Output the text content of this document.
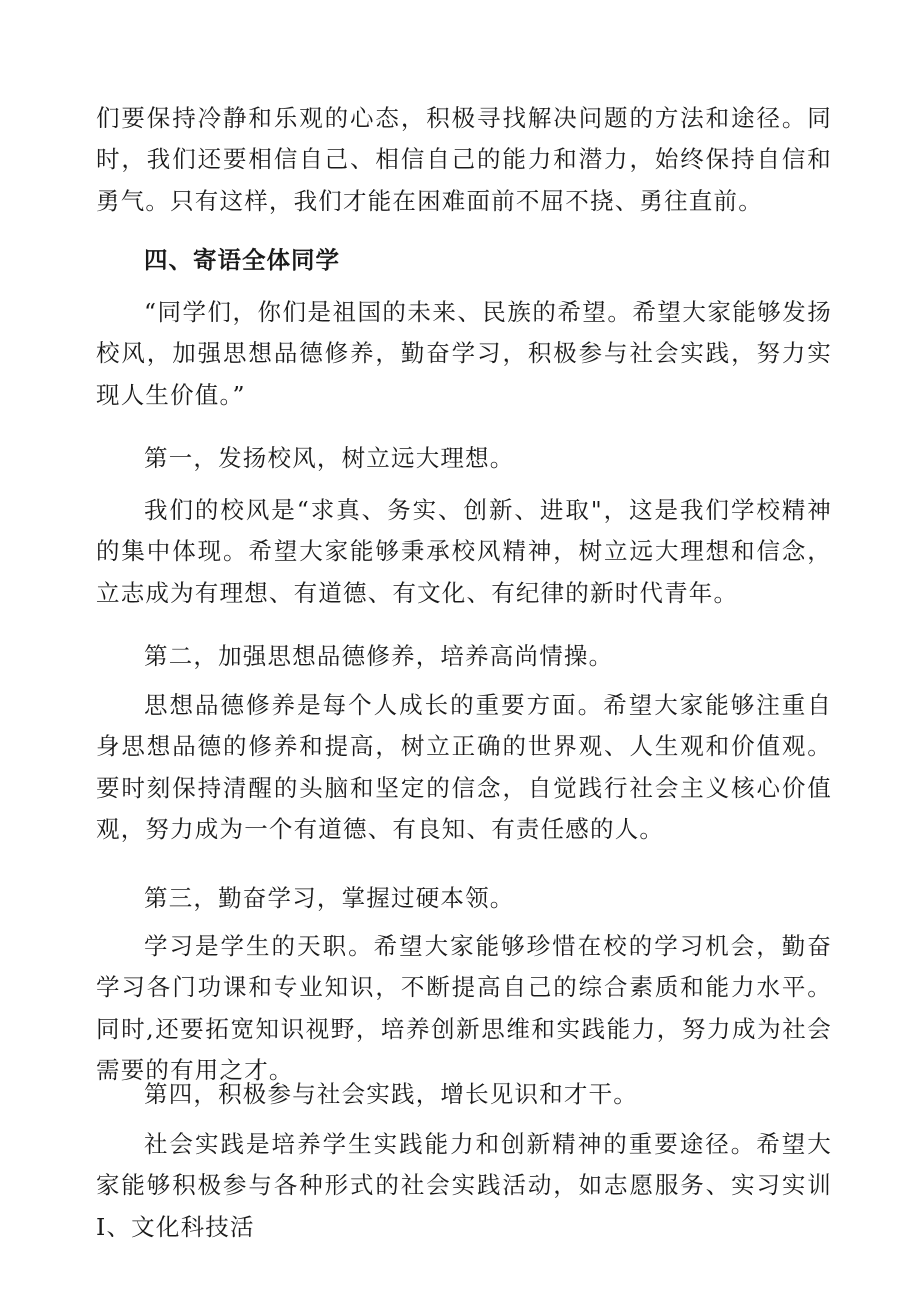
们要保持冷静和乐观的心态，积极寻找解决问题的方法和途径。同时，我们还要相信自己、相信自己的能力和潜力，始终保持自信和勇气。只有这样，我们才能在困难面前不屈不挠、勇往直前。

四、寄语全体同学

“同学们，你们是祖国的未来、民族的希望。希望大家能够发扬校风，加强思想品德修养，勤奋学习，积极参与社会实践，努力实现人生价值。”

第一，发扬校风，树立远大理想。

我们的校风是“求真、务实、创新、进取"，这是我们学校精神的集中体现。希望大家能够秉承校风精神，树立远大理想和信念，立志成为有理想、有道德、有文化、有纪律的新时代青年。

第二，加强思想品德修养，培养高尚情操。

思想品德修养是每个人成长的重要方面。希望大家能够注重自身思想品德的修养和提高，树立正确的世界观、人生观和价值观。要时刻保持清醒的头脑和坚定的信念，自觉践行社会主义核心价值观，努力成为一个有道德、有良知、有责任感的人。

第三，勤奋学习，掌握过硬本领。

学习是学生的天职。希望大家能够珍惜在校的学习机会，勤奋学习各门功课和专业知识，不断提高自己的综合素质和能力水平。同时,还要拓宽知识视野，培养创新思维和实践能力，努力成为社会需要的有用之才。

第四，积极参与社会实践，增长见识和才干。

社会实践是培养学生实践能力和创新精神的重要途径。希望大家能够积极参与各种形式的社会实践活动，如志愿服务、实习实训I、文化科技活
